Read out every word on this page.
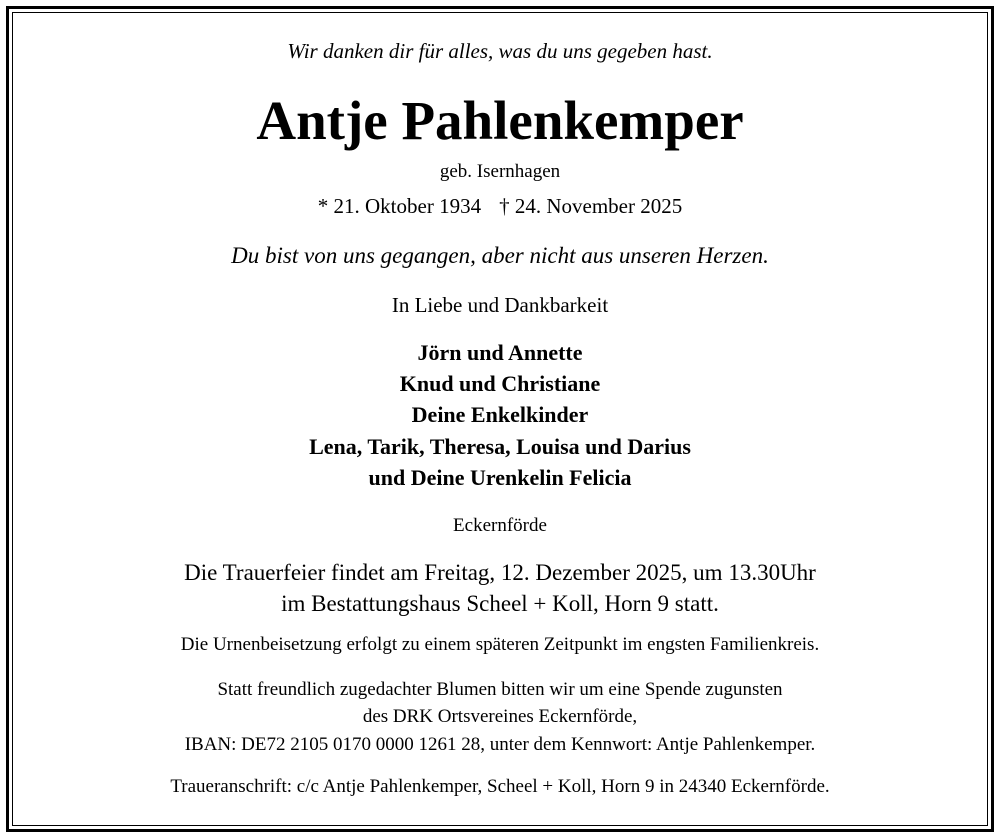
Wir danken dir für alles, was du uns gegeben hast.
Antje Pahlenkemper
geb. Isernhagen
* 21. Oktober 1934 † 24. November 2025
Du bist von uns gegangen, aber nicht aus unseren Herzen.
In Liebe und Dankbarkeit
Jörn und Annette
Knud und Christiane
Deine Enkelkinder
Lena, Tarik, Theresa, Louisa und Darius
und Deine Urenkelin Felicia
Eckernförde
Die Trauerfeier findet am Freitag, 12. Dezember 2025, um 13.30Uhr
im Bestattungshaus Scheel + Koll, Horn 9 statt.
Die Urnenbeisetzung erfolgt zu einem späteren Zeitpunkt im engsten Familienkreis.
Statt freundlich zugedachter Blumen bitten wir um eine Spende zugunsten
des DRK Ortsvereines Eckernförde,
IBAN: DE72 2105 0170 0000 1261 28, unter dem Kennwort: Antje Pahlenkemper.
Traueranschrift: c/c Antje Pahlenkemper, Scheel + Koll, Horn 9 in 24340 Eckernförde.
